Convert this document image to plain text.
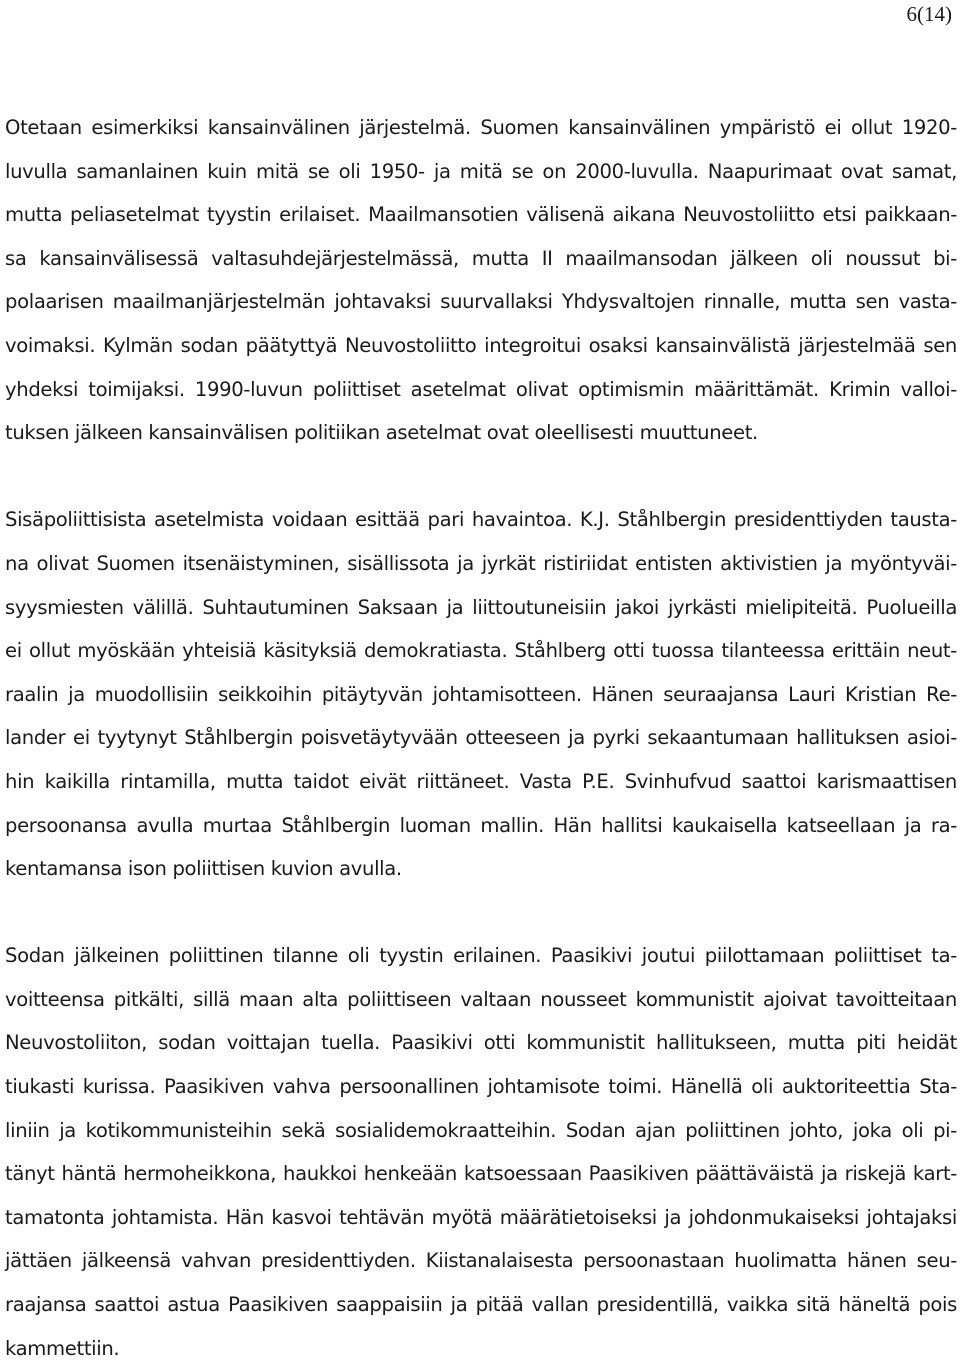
6(14)
Otetaan esimerkiksi kansainvälinen järjestelmä. Suomen kansainvälinen ympäristö ei ollut 1920-
luvulla samanlainen kuin mitä se oli 1950- ja mitä se on 2000-luvulla. Naapurimaat ovat samat,
mutta peliasetelmat tyystin erilaiset. Maailmansotien välisenä aikana Neuvostoliitto etsi paikkaan-
sa kansainvälisessä valtasuhdejärjestelmässä, mutta II maailmansodan jälkeen oli noussut bi-
polaarisen maailmanjärjestelmän johtavaksi suurvallaksi Yhdysvaltojen rinnalle, mutta sen vasta-
voimaksi. Kylmän sodan päätyttyä Neuvostoliitto integroitui osaksi kansainvälistä järjestelmää sen
yhdeksi toimijaksi. 1990-luvun poliittiset asetelmat olivat optimismin määrittämät. Krimin valloi-
tuksen jälkeen kansainvälisen politiikan asetelmat ovat oleellisesti muuttuneet.
Sisäpoliittisista asetelmista voidaan esittää pari havaintoa. K.J. Ståhlbergin presidenttiyden tausta-
na olivat Suomen itsenäistyminen, sisällissota ja jyrkät ristiriidat entisten aktivistien ja myöntyväi-
syysmiesten välillä. Suhtautuminen Saksaan ja liittoutuneisiin jakoi jyrkästi mielipiteitä. Puolueilla
ei ollut myöskään yhteisiä käsityksiä demokratiasta. Ståhlberg otti tuossa tilanteessa erittäin neut-
raalin ja muodollisiin seikkoihin pitäytyvän johtamisotteen. Hänen seuraajansa Lauri Kristian Re-
lander ei tyytynyt Ståhlbergin poisvetäytyvään otteeseen ja pyrki sekaantumaan hallituksen asioi-
hin kaikilla rintamilla, mutta taidot eivät riittäneet. Vasta P.E. Svinhufvud saattoi karismaattisen
persoonansa avulla murtaa Ståhlbergin luoman mallin. Hän hallitsi kaukaisella katseellaan ja ra-
kentamansa ison poliittisen kuvion avulla.
Sodan jälkeinen poliittinen tilanne oli tyystin erilainen. Paasikivi joutui piilottamaan poliittiset ta-
voitteensa pitkälti, sillä maan alta poliittiseen valtaan nousseet kommunistit ajoivat tavoitteitaan
Neuvostoliiton, sodan voittajan tuella. Paasikivi otti kommunistit hallitukseen, mutta piti heidät
tiukasti kurissa. Paasikiven vahva persoonallinen johtamisote toimi. Hänellä oli auktoriteettia Sta-
liniin ja kotikommunisteihin sekä sosialidemokraatteihin. Sodan ajan poliittinen johto, joka oli pi-
tänyt häntä hermoheikkona, haukkoi henkeään katsoessaan Paasikiven päättäväistä ja riskejä kart-
tamatonta johtamista. Hän kasvoi tehtävän myötä määrätietoiseksi ja johdonmukaiseksi johtajaksi
jättäen jälkeensä vahvan presidenttiyden. Kiistanalaisesta persoonastaan huolimatta hänen seu-
raajansa saattoi astua Paasikiven saappaisiin ja pitää vallan presidentillä, vaikka sitä häneltä pois
kammettiin.
